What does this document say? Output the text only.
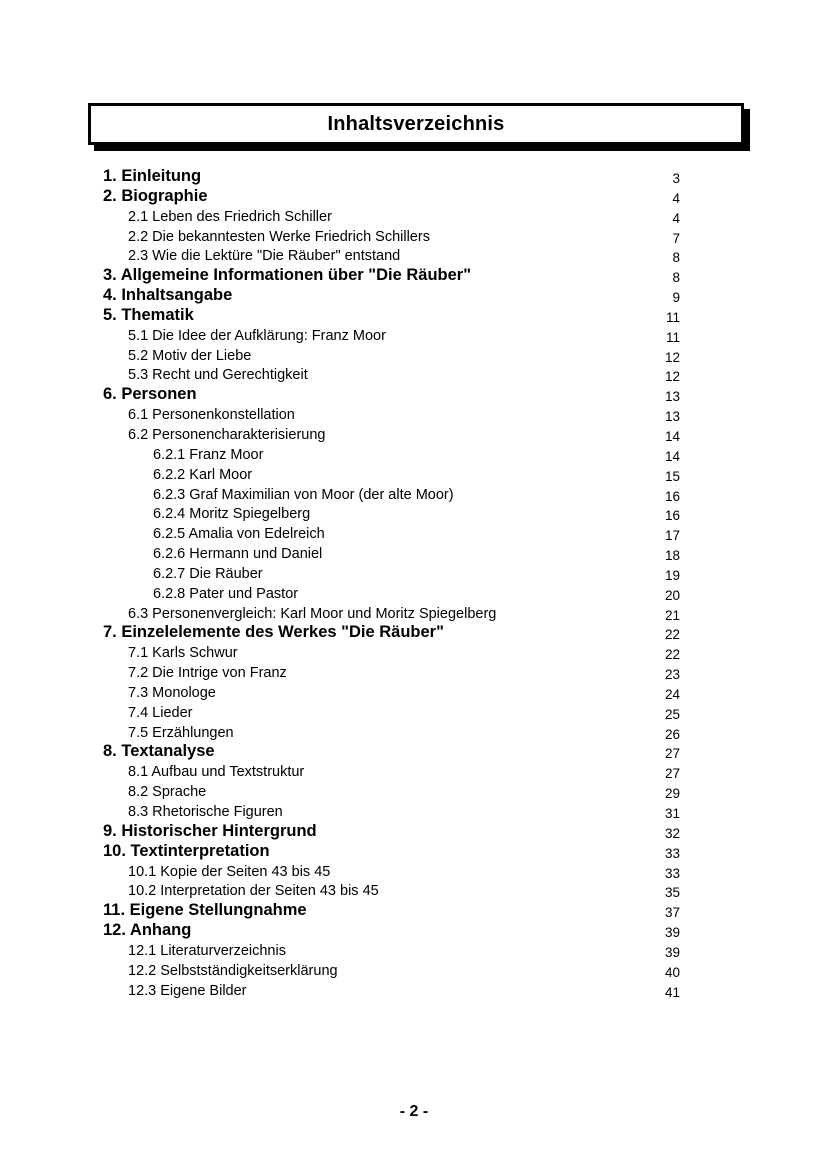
Inhaltsverzeichnis
1. Einleitung	3
2. Biographie	4
2.1 Leben des Friedrich Schiller	4
2.2 Die bekanntesten Werke Friedrich Schillers	7
2.3 Wie die Lektüre "Die Räuber" entstand	8
3. Allgemeine Informationen über "Die Räuber"	8
4. Inhaltsangabe	9
5. Thematik	11
5.1 Die Idee der Aufklärung: Franz Moor	11
5.2 Motiv der Liebe	12
5.3 Recht und Gerechtigkeit	12
6. Personen	13
6.1 Personenkonstellation	13
6.2 Personencharakterisierung	14
6.2.1 Franz Moor	14
6.2.2 Karl Moor	15
6.2.3 Graf Maximilian von Moor (der alte Moor)	16
6.2.4 Moritz Spiegelberg	16
6.2.5 Amalia von Edelreich	17
6.2.6 Hermann und Daniel	18
6.2.7 Die Räuber	19
6.2.8 Pater und Pastor	20
6.3 Personenvergleich: Karl Moor und Moritz Spiegelberg	21
7. Einzelelemente des Werkes "Die Räuber"	22
7.1 Karls Schwur	22
7.2 Die Intrige von Franz	23
7.3 Monologe	24
7.4 Lieder	25
7.5 Erzählungen	26
8. Textanalyse	27
8.1 Aufbau und Textstruktur	27
8.2 Sprache	29
8.3 Rhetorische Figuren	31
9. Historischer Hintergrund	32
10. Textinterpretation	33
10.1 Kopie der Seiten 43 bis 45	33
10.2 Interpretation der Seiten 43 bis 45	35
11. Eigene Stellungnahme	37
12. Anhang	39
12.1 Literaturverzeichnis	39
12.2 Selbstständigkeitserklärung	40
12.3 Eigene Bilder	41
- 2 -
